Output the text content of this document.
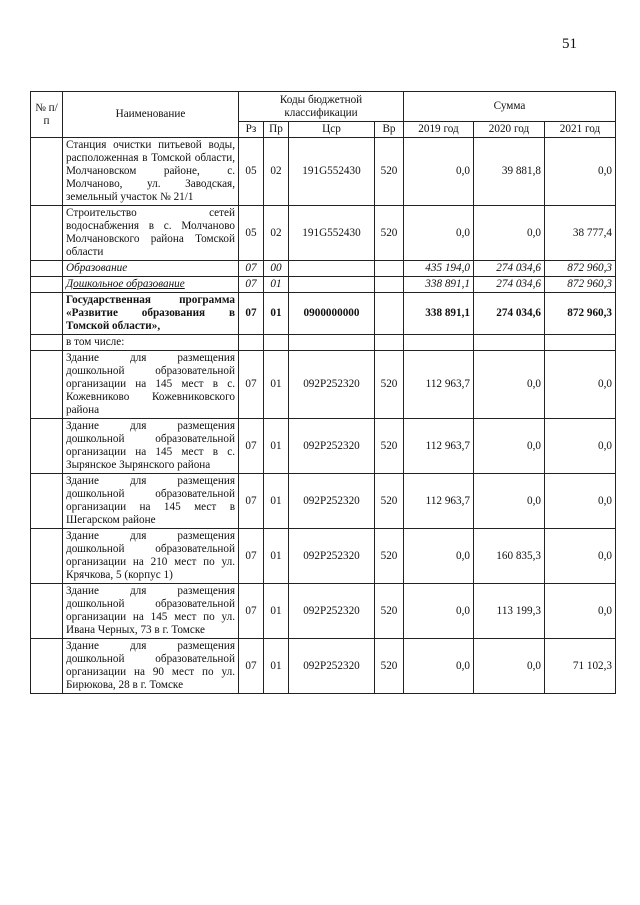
51
№ п/п	Наименование	Коды бюджетной классификации				Сумма		
		Рз	Пр	Цср	Вр	2019 год	2020 год	2021 год
	Станция очистки питьевой воды, расположенная в Томской области, Молчановском районе, с. Молчаново, ул. Заводская, земельный участок № 21/1	05	02	191G552430	520	0,0	39 881,8	0,0
	Строительство сетей водоснабжения в с. Молчаново Молчановского района Томской области	05	02	191G552430	520	0,0	0,0	38 777,4
	Образование	07	00			435 194,0	274 034,6	872 960,3
	Дошкольное образование	07	01			338 891,1	274 034,6	872 960,3
	Государственная программа «Развитие образования в Томской области»,	07	01	0900000000		338 891,1	274 034,6	872 960,3
	в том числе:							
	Здание для размещения дошкольной образовательной организации на 145 мест в с. Кожевниково Кожевниковского района	07	01	092P252320	520	112 963,7	0,0	0,0
	Здание для размещения дошкольной образовательной организации на 145 мест в с. Зырянское Зырянского района	07	01	092P252320	520	112 963,7	0,0	0,0
	Здание для размещения дошкольной образовательной организации на 145 мест в Шегарском районе	07	01	092P252320	520	112 963,7	0,0	0,0
	Здание для размещения дошкольной образовательной организации на 210 мест по ул. Крячкова, 5 (корпус 1)	07	01	092P252320	520	0,0	160 835,3	0,0
	Здание для размещения дошкольной образовательной организации на 145 мест по ул. Ивана Черных, 73 в г. Томске	07	01	092P252320	520	0,0	113 199,3	0,0
	Здание для размещения дошкольной образовательной организации на 90 мест по ул. Бирюкова, 28 в г. Томске	07	01	092P252320	520	0,0	0,0	71 102,3
